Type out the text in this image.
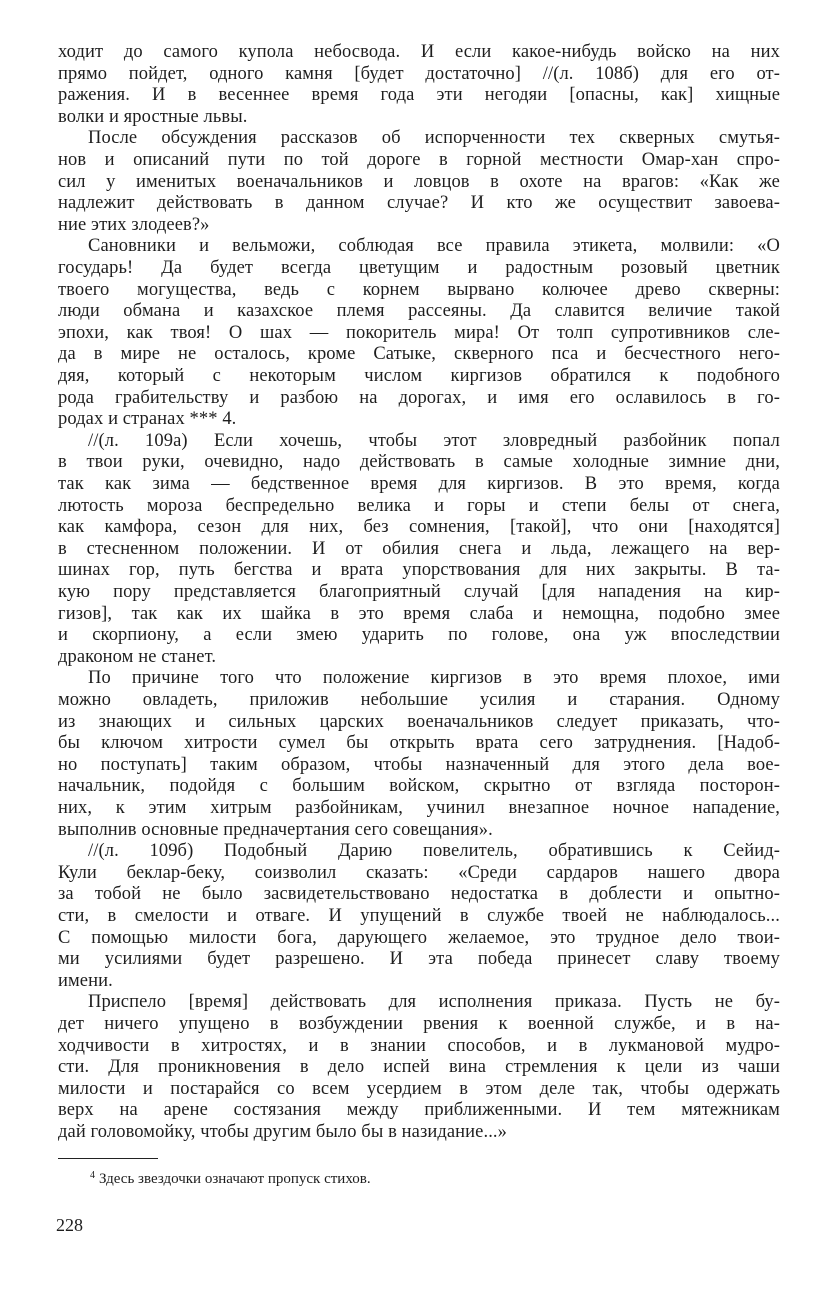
ходит до самого купола небосвода. И если какое-нибудь войско на них
прямо пойдет, одного камня [будет достаточно] //(л. 108б) для его от-
ражения. И в весеннее время года эти негодяи [опасны, как] хищные
волки и яростные львы.
После обсуждения рассказов об испорченности тех скверных смутья-
нов и описаний пути по той дороге в горной местности Омар-хан спро-
сил у именитых военачальников и ловцов в охоте на врагов: «Как же
надлежит действовать в данном случае? И кто же осуществит завоева-
ние этих злодеев?»
Сановники и вельможи, соблюдая все правила этикета, молвили: «О
государь! Да будет всегда цветущим и радостным розовый цветник
твоего могущества, ведь с корнем вырвано колючее древо скверны:
люди обмана и казахское племя рассеяны. Да славится величие такой
эпохи, как твоя! О шах — покоритель мира! От толп супротивников сле-
да в мире не осталось, кроме Сатыке, скверного пса и бесчестного него-
дяя, который с некоторым числом киргизов обратился к подобного
рода грабительству и разбою на дорогах, и имя его ославилось в го-
родах и странах *** 4.
//(л. 109а) Если хочешь, чтобы этот зловредный разбойник попал
в твои руки, очевидно, надо действовать в самые холодные зимние дни,
так как зима — бедственное время для киргизов. В это время, когда
лютость мороза беспредельно велика и горы и степи белы от снега,
как камфора, сезон для них, без сомнения, [такой], что они [находятся]
в стесненном положении. И от обилия снега и льда, лежащего на вер-
шинах гор, путь бегства и врата упорствования для них закрыты. В та-
кую пору представляется благоприятный случай [для нападения на кир-
гизов], так как их шайка в это время слаба и немощна, подобно змее
и скорпиону, а если змею ударить по голове, она уж впоследствии
драконом не станет.
По причине того что положение киргизов в это время плохое, ими
можно овладеть, приложив небольшие усилия и старания. Одному
из знающих и сильных царских военачальников следует приказать, что-
бы ключом хитрости сумел бы открыть врата сего затруднения. [Надоб-
но поступать] таким образом, чтобы назначенный для этого дела вое-
начальник, подойдя с большим войском, скрытно от взгляда посторон-
них, к этим хитрым разбойникам, учинил внезапное ночное нападение,
выполнив основные предначертания сего совещания».
//(л. 109б) Подобный Дарию повелитель, обратившись к Сейид-
Кули беклар-беку, соизволил сказать: «Среди сардаров нашего двора
за тобой не было засвидетельствовано недостатка в доблести и опытно-
сти, в смелости и отваге. И упущений в службе твоей не наблюдалось...
С помощью милости бога, дарующего желаемое, это трудное дело твои-
ми усилиями будет разрешено. И эта победа принесет славу твоему
имени.
Приспело [время] действовать для исполнения приказа. Пусть не бу-
дет ничего упущено в возбуждении рвения к военной службе, и в на-
ходчивости в хитростях, и в знании способов, и в лукмановой мудро-
сти. Для проникновения в дело испей вина стремления к цели из чаши
милости и постарайся со всем усердием в этом деле так, чтобы одержать
верх на арене состязания между приближенными. И тем мятежникам
дай головомойку, чтобы другим было бы в назидание...»
$^4$ Здесь звездочки означают пропуск стихов.
228
